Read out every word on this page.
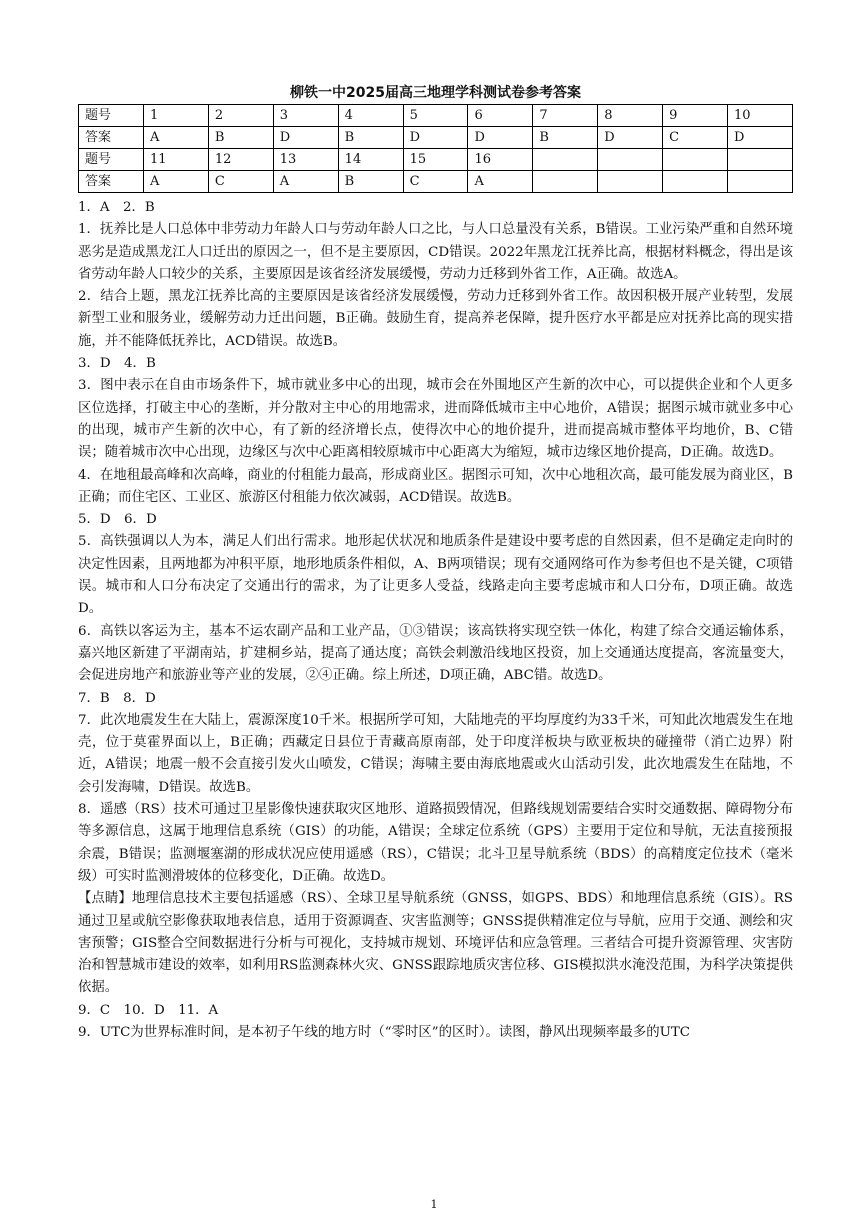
柳铁一中2025届高三地理学科测试卷参考答案
题号	1	2	3	4	5	6	7	8	9	10
答案	A	B	D	B	D	D	B	D	C	D
题号	11	12	13	14	15	16				
答案	A	C	A	B	C	A				

1．A　2．B

1．抚养比是人口总体中非劳动力年龄人口与劳动年龄人口之比，与人口总量没有关系，B错误。工业污染严重和自然环境恶劣是造成黑龙江人口迁出的原因之一，但不是主要原因，CD错误。2022年黑龙江抚养比高，根据材料概念，得出是该省劳动年龄人口较少的关系，主要原因是该省经济发展缓慢，劳动力迁移到外省工作，A正确。故选A。

2．结合上题，黑龙江抚养比高的主要原因是该省经济发展缓慢，劳动力迁移到外省工作。故因积极开展产业转型，发展新型工业和服务业，缓解劳动力迁出问题，B正确。鼓励生育，提高养老保障，提升医疗水平都是应对抚养比高的现实措施，并不能降低抚养比，ACD错误。故选B。

3．D　4．B

3．图中表示在自由市场条件下，城市就业多中心的出现，城市会在外围地区产生新的次中心，可以提供企业和个人更多区位选择，打破主中心的垄断，并分散对主中心的用地需求，进而降低城市主中心地价，A错误；据图示城市就业多中心的出现，城市产生新的次中心，有了新的经济增长点，使得次中心的地价提升，进而提高城市整体平均地价，B、C错误；随着城市次中心出现，边缘区与次中心距离相较原城市中心距离大为缩短，城市边缘区地价提高，D正确。故选D。

4．在地租最高峰和次高峰，商业的付租能力最高，形成商业区。据图示可知，次中心地租次高，最可能发展为商业区，B正确；而住宅区、工业区、旅游区付租能力依次减弱，ACD错误。故选B。

5．D　6．D

5．高铁强调以人为本，满足人们出行需求。地形起伏状况和地质条件是建设中要考虑的自然因素，但不是确定走向时的决定性因素，且两地都为冲积平原，地形地质条件相似，A、B两项错误；现有交通网络可作为参考但也不是关键，C项错误。城市和人口分布决定了交通出行的需求，为了让更多人受益，线路走向主要考虑城市和人口分布，D项正确。故选D。

6．高铁以客运为主，基本不运农副产品和工业产品，①③错误；该高铁将实现空铁一体化，构建了综合交通运输体系，嘉兴地区新建了平湖南站，扩建桐乡站，提高了通达度；高铁会刺激沿线地区投资，加上交通通达度提高，客流量变大，会促进房地产和旅游业等产业的发展，②④正确。综上所述，D项正确，ABC错。故选D。

7．B　8．D

7．此次地震发生在大陆上，震源深度10千米。根据所学可知，大陆地壳的平均厚度约为33千米，可知此次地震发生在地壳，位于莫霍界面以上，B正确；西藏定日县位于青藏高原南部，处于印度洋板块与欧亚板块的碰撞带（消亡边界）附近，A错误；地震一般不会直接引发火山喷发，C错误；海啸主要由海底地震或火山活动引发，此次地震发生在陆地，不会引发海啸，D错误。故选B。

8．遥感（RS）技术可通过卫星影像快速获取灾区地形、道路损毁情况，但路线规划需要结合实时交通数据、障碍物分布等多源信息，这属于地理信息系统（GIS）的功能，A错误；全球定位系统（GPS）主要用于定位和导航，无法直接预报余震，B错误；监测堰塞湖的形成状况应使用遥感（RS），C错误；北斗卫星导航系统（BDS）的高精度定位技术（毫米级）可实时监测滑坡体的位移变化，D正确。故选D。

【点睛】地理信息技术主要包括遥感（RS）、全球卫星导航系统（GNSS，如GPS、BDS）和地理信息系统（GIS）。RS通过卫星或航空影像获取地表信息，适用于资源调查、灾害监测等；GNSS提供精准定位与导航，应用于交通、测绘和灾害预警；GIS整合空间数据进行分析与可视化，支持城市规划、环境评估和应急管理。三者结合可提升资源管理、灾害防治和智慧城市建设的效率，如利用RS监测森林火灾、GNSS跟踪地质灾害位移、GIS模拟洪水淹没范围，为科学决策提供依据。

9．C　10．D　11．A

9．UTC为世界标准时间，是本初子午线的地方时（“零时区”的区时）。读图，静风出现频率最多的UTC

1
